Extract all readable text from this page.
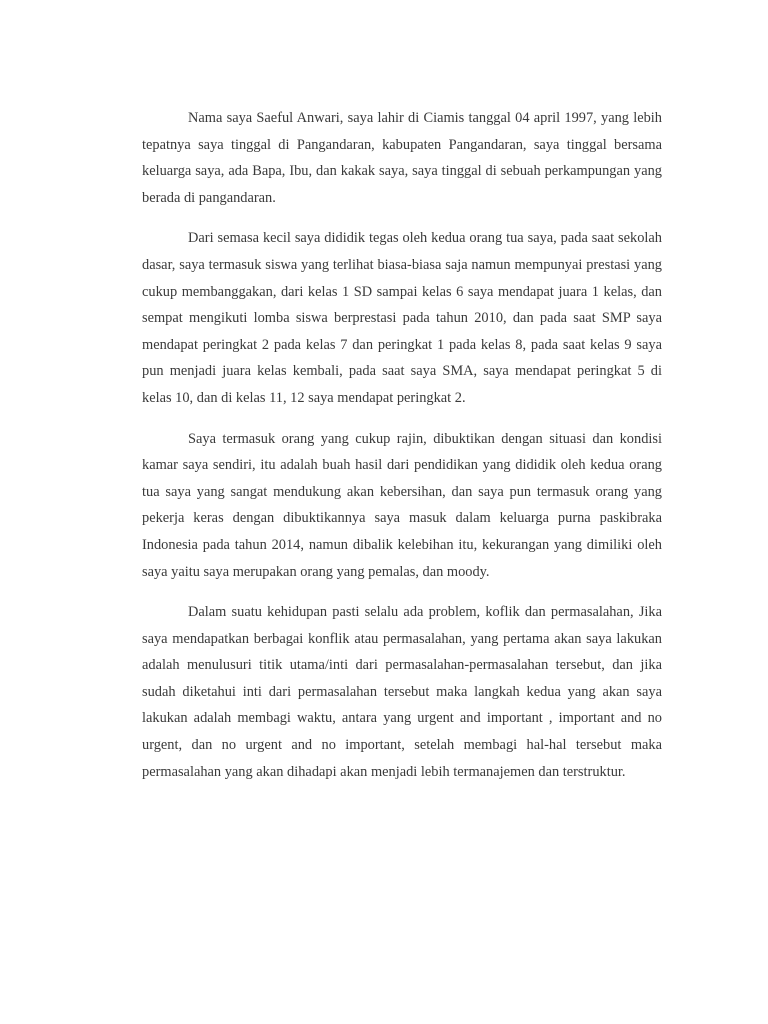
Nama saya Saeful Anwari, saya lahir di Ciamis tanggal 04 april 1997, yang lebih tepatnya saya tinggal di Pangandaran, kabupaten Pangandaran, saya tinggal bersama keluarga saya, ada Bapa, Ibu, dan kakak saya, saya tinggal di sebuah perkampungan yang berada di pangandaran.

Dari semasa kecil saya dididik tegas oleh kedua orang tua saya, pada saat sekolah dasar, saya termasuk siswa yang terlihat biasa-biasa saja namun mempunyai prestasi yang cukup membanggakan, dari kelas 1 SD sampai kelas 6 saya mendapat juara 1 kelas, dan sempat mengikuti lomba siswa berprestasi pada tahun 2010, dan pada saat SMP saya mendapat peringkat 2 pada kelas 7 dan peringkat 1 pada kelas 8, pada saat kelas 9 saya pun menjadi juara kelas kembali, pada saat saya SMA, saya mendapat peringkat 5 di kelas 10, dan di kelas 11, 12 saya mendapat peringkat 2.

Saya termasuk orang yang cukup rajin, dibuktikan dengan situasi dan kondisi kamar saya sendiri, itu adalah buah hasil dari pendidikan yang dididik oleh kedua orang tua saya yang sangat mendukung akan kebersihan, dan saya pun termasuk orang yang pekerja keras dengan dibuktikannya saya masuk dalam keluarga purna paskibraka Indonesia pada tahun 2014, namun dibalik kelebihan itu, kekurangan yang dimiliki oleh saya yaitu saya merupakan orang yang pemalas, dan moody.

Dalam suatu kehidupan pasti selalu ada problem, koflik dan permasalahan, Jika saya mendapatkan berbagai konflik atau permasalahan, yang pertama akan saya lakukan adalah menulusuri titik utama/inti dari permasalahan-permasalahan tersebut, dan jika sudah diketahui inti dari permasalahan tersebut maka langkah kedua yang akan saya lakukan adalah membagi waktu, antara yang urgent and important , important and no urgent, dan no urgent and no important, setelah membagi hal-hal tersebut maka permasalahan yang akan dihadapi akan menjadi lebih termanajemen dan terstruktur.
